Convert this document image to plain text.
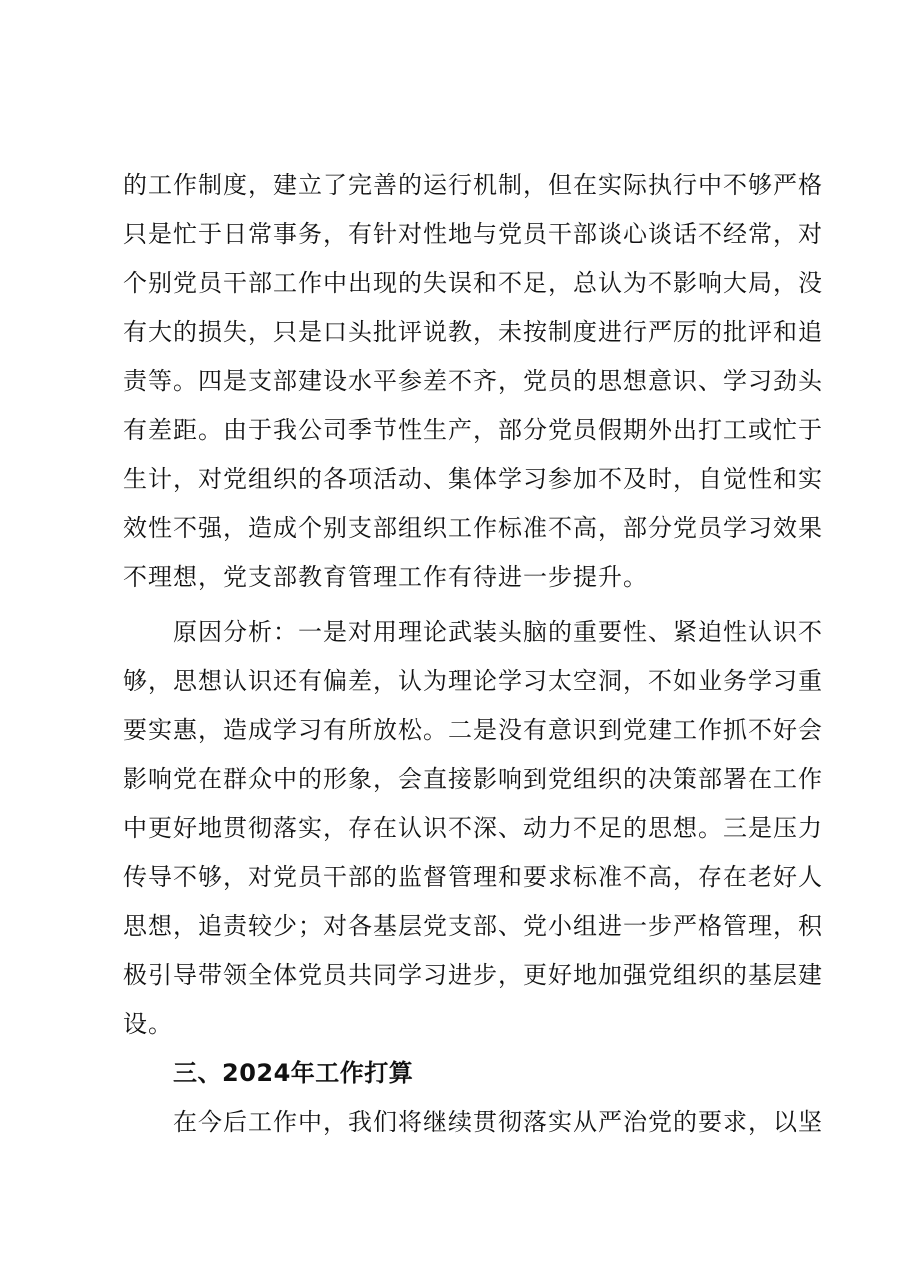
的工作制度，建立了完善的运行机制，但在实际执行中不够严格
只是忙于日常事务，有针对性地与党员干部谈心谈话不经常，对
个别党员干部工作中出现的失误和不足，总认为不影响大局，没
有大的损失，只是口头批评说教，未按制度进行严厉的批评和追
责等。四是支部建设水平参差不齐，党员的思想意识、学习劲头
有差距。由于我公司季节性生产，部分党员假期外出打工或忙于
生计，对党组织的各项活动、集体学习参加不及时，自觉性和实
效性不强，造成个别支部组织工作标准不高，部分党员学习效果
不理想，党支部教育管理工作有待进一步提升。
原因分析：一是对用理论武装头脑的重要性、紧迫性认识不
够，思想认识还有偏差，认为理论学习太空洞，不如业务学习重
要实惠，造成学习有所放松。二是没有意识到党建工作抓不好会
影响党在群众中的形象，会直接影响到党组织的决策部署在工作
中更好地贯彻落实，存在认识不深、动力不足的思想。三是压力
传导不够，对党员干部的监督管理和要求标准不高，存在老好人
思想，追责较少；对各基层党支部、党小组进一步严格管理，积
极引导带领全体党员共同学习进步，更好地加强党组织的基层建
设。
三、2024年工作打算
在今后工作中，我们将继续贯彻落实从严治党的要求，以坚
